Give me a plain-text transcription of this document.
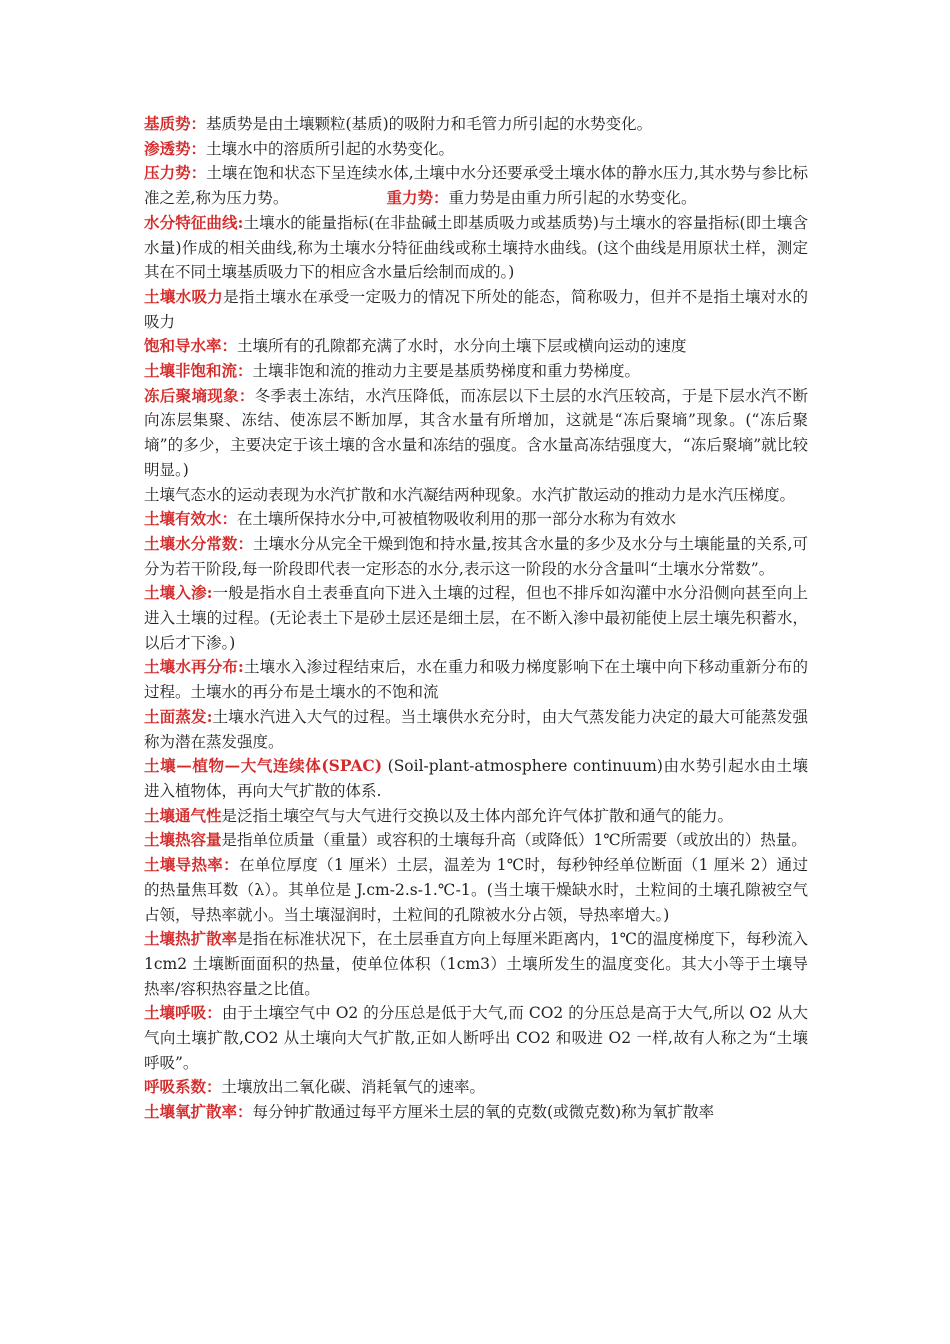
基质势：基质势是由土壤颗粒(基质)的吸附力和毛管力所引起的水势变化。

渗透势：土壤水中的溶质所引起的水势变化。

压力势：土壤在饱和状态下呈连续水体,土壤中水分还要承受土壤水体的静水压力,其水势与参比标准之差,称为压力势。	重力势：重力势是由重力所引起的水势变化。

水分特征曲线:土壤水的能量指标(在非盐碱土即基质吸力或基质势)与土壤水的容量指标(即土壤含水量)作成的相关曲线,称为土壤水分特征曲线或称土壤持水曲线。(这个曲线是用原状土样，测定其在不同土壤基质吸力下的相应含水量后绘制而成的。)

土壤水吸力是指土壤水在承受一定吸力的情况下所处的能态，简称吸力，但并不是指土壤对水的吸力

饱和导水率：土壤所有的孔隙都充满了水时，水分向土壤下层或横向运动的速度

土壤非饱和流：土壤非饱和流的推动力主要是基质势梯度和重力势梯度。

冻后聚墒现象：冬季表土冻结，水汽压降低，而冻层以下土层的水汽压较高，于是下层水汽不断向冻层集聚、冻结、使冻层不断加厚，其含水量有所增加，这就是“冻后聚墒”现象。(“冻后聚墒”的多少，主要决定于该土壤的含水量和冻结的强度。含水量高冻结强度大，“冻后聚墒”就比较明显。)

土壤气态水的运动表现为水汽扩散和水汽凝结两种现象。水汽扩散运动的推动力是水汽压梯度。

土壤有效水：在土壤所保持水分中,可被植物吸收利用的那一部分水称为有效水

土壤水分常数：土壤水分从完全干燥到饱和持水量,按其含水量的多少及水分与土壤能量的关系,可分为若干阶段,每一阶段即代表一定形态的水分,表示这一阶段的水分含量叫“土壤水分常数”。

土壤入渗:一般是指水自土表垂直向下进入土壤的过程，但也不排斥如沟灌中水分沿侧向甚至向上进入土壤的过程。(无论表土下是砂土层还是细土层，在不断入渗中最初能使上层土壤先积蓄水，以后才下渗。)

土壤水再分布:土壤水入渗过程结束后，水在重力和吸力梯度影响下在土壤中向下移动重新分布的过程。土壤水的再分布是土壤水的不饱和流

土面蒸发:土壤水汽进入大气的过程。当土壤供水充分时，由大气蒸发能力决定的最大可能蒸发强称为潜在蒸发强度。

土壤—植物—大气连续体(SPAC) (Soil-plant-atmosphere continuum)由水势引起水由土壤进入植物体，再向大气扩散的体系.

土壤通气性是泛指土壤空气与大气进行交换以及土体内部允许气体扩散和通气的能力。

土壤热容量是指单位质量（重量）或容积的土壤每升高（或降低）1℃所需要（或放出的）热量。

土壤导热率：在单位厚度（1 厘米）土层，温差为 1℃时，每秒钟经单位断面（1 厘米 2）通过的热量焦耳数（λ）。其单位是 J.cm-2.s-1.℃-1。(当土壤干燥缺水时，土粒间的土壤孔隙被空气占领，导热率就小。当土壤湿润时，土粒间的孔隙被水分占领，导热率增大。)

土壤热扩散率是指在标准状况下，在土层垂直方向上每厘米距离内，1℃的温度梯度下，每秒流入 1cm2 土壤断面面积的热量，使单位体积（1cm3）土壤所发生的温度变化。其大小等于土壤导热率/容积热容量之比值。

土壤呼吸：由于土壤空气中 O2 的分压总是低于大气,而 CO2 的分压总是高于大气,所以 O2 从大气向土壤扩散,CO2 从土壤向大气扩散,正如人断呼出 CO2 和吸进 O2 一样,故有人称之为“土壤呼吸”。

呼吸系数：土壤放出二氧化碳、消耗氧气的速率。

土壤氧扩散率：每分钟扩散通过每平方厘米土层的氧的克数(或微克数)称为氧扩散率
